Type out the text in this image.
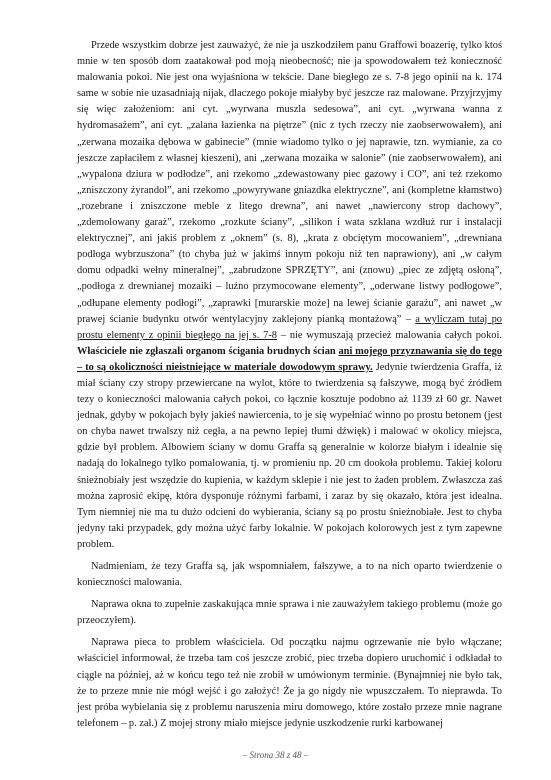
Przede wszystkim dobrze jest zauważyć, że nie ja uszkodziłem panu Graffowi boazerię, tylko ktoś mnie w ten sposób dom zaatakował pod moją nieobecność; nie ja spowodowałem też konieczność malowania pokoi. Nie jest ona wyjaśniona w tekście. Dane biegłego ze s. 7-8 jego opinii na k. 174 same w sobie nie uzasadniają nijak, dlaczego pokoje miałyby być jeszcze raz malowane. Przyjrzyjmy się więc założeniom: ani cyt. „wyrwana muszla sedesowa”, ani cyt. „wyrwana wanna z hydromasażem”, ani cyt. „zalana łazienka na piętrze” (nic z tych rzeczy nie zaobserwowałem), ani „zerwana mozaika dębowa w gabinecie” (mnie wiadomo tylko o jej naprawie, tzn. wymianie, za co jeszcze zapłaciłem z własnej kieszeni), ani „zerwana mozaika w salonie” (nie zaobserwowałem), ani „wypalona dziura w podłodze”, ani rzekomo „zdewastowany piec gazowy i CO”, ani też rzekomo „zniszczony żyrandol”, ani rzekomo „powyrywane gniazdka elektryczne”, ani (kompletne kłamstwo) „rozebrane i zniszczone meble z litego drewna”, ani nawet „nawiercony strop dachowy”, „zdemolowany garaż”, rzekomo „rozkute ściany”, „silikon i wata szklana wzdłuż rur i instalacji elektrycznej”, ani jakiś problem z „oknem” (s. 8), „krata z obciętym mocowaniem”, „drewniana podłoga wybrzuszona” (to chyba już w jakimś innym pokoju niż ten naprawiony), ani „w całym domu odpadki wełny mineralnej”, „zabrudzone SPRZĘTY”, ani (znowu) „piec ze zdjętą osłoną”, „podłoga z drewnianej mozaiki – luźno przymocowane elementy”, „oderwane listwy podłogowe”, „odłupane elementy podłogi”, „zaprawki [murarskie może] na lewej ścianie garażu”, ani nawet „w prawej ścianie budynku otwór wentylacyjny zaklejony pianką montażową” – a wyliczam tutaj po prostu elementy z opinii biegłego na jej s. 7-8 – nie wymuszają przecież malowania całych pokoi. Właściciele nie zgłaszali organom ścigania brudnych ścian ani mojego przyznawania się do tego – to są okoliczności nieistniejące w materiale dowodowym sprawy. Jedynie twierdzenia Graffa, iż miał ściany czy stropy przewiercane na wylot, które to twierdzenia są fałszywe, mogą być źródłem tezy o konieczności malowania całych pokoi, co łącznie kosztuje podobno aż 1139 zł 60 gr. Nawet jednak, gdyby w pokojach były jakieś nawiercenia, to je się wypełniać winno po prostu betonem (jest on chyba nawet trwalszy niż cegła, a na pewno lepiej tłumi dźwięk) i malować w okolicy miejsca, gdzie był problem. Albowiem ściany w domu Graffa są generalnie w kolorze białym i idealnie się nadają do lokalnego tylko pomalowania, tj. w promieniu np. 20 cm dookoła problemu. Takiej koloru śnieżnobiały jest wszędzie do kupienia, w każdym sklepie i nie jest to żaden problem. Zwłaszcza zaś można zaprosić ekipę, która dysponuje różnymi farbami, i zaraz by się okazało, która jest idealna. Tym niemniej nie ma tu dużo odcieni do wybierania, ściany są po prostu śnieżnobiałe. Jest to chyba jedyny taki przypadek, gdy można użyć farby lokalnie. W pokojach kolorowych jest z tym zapewne problem.

Nadmieniam, że tezy Graffa są, jak wspomniałem, fałszywe, a to na nich oparto twierdzenie o konieczności malowania.

Naprawa okna to zupełnie zaskakująca mnie sprawa i nie zauważyłem takiego problemu (może go przeoczyłem).

Naprawa pieca to problem właściciela. Od początku najmu ogrzewanie nie było włączane; właściciel informował, że trzeba tam coś jeszcze zrobić, piec trzeba dopiero uruchomić i odkładał to ciągle na później, aż w końcu tego też nie zrobił w umówionym terminie. (Bynajmniej nie było tak, że to przeze mnie nie mógł wejść i go założyć! Że ja go nigdy nie wpuszczałem. To nieprawda. To jest próba wybielania się z problemu naruszenia miru domowego, które zostało przeze mnie nagrane telefonem – p. zał.) Z mojej strony miało miejsce jedynie uszkodzenie rurki karbowanej

– Strona 38 z 48 –
